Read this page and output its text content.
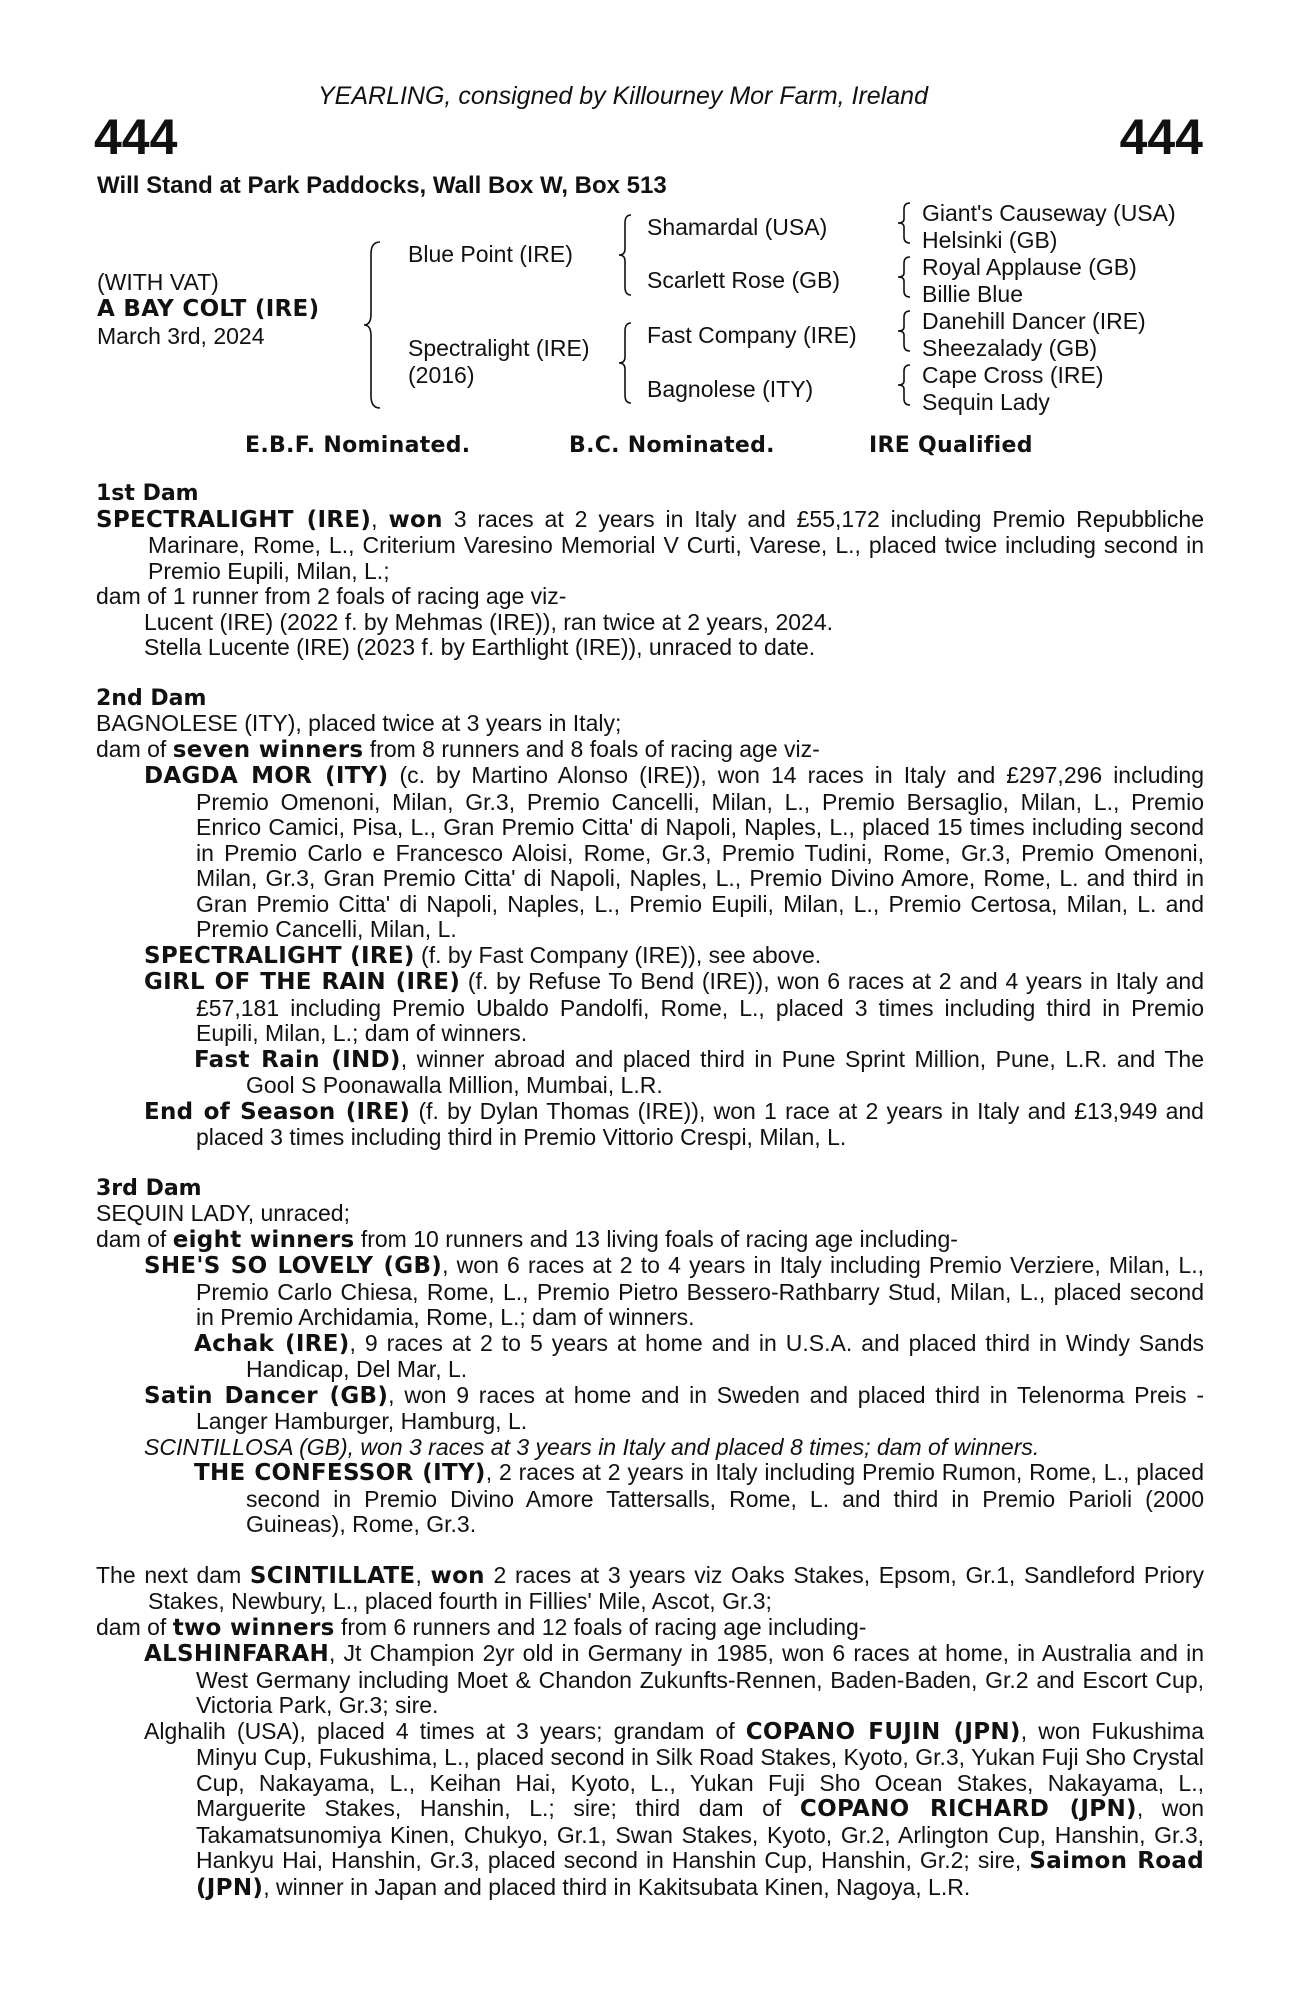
YEARLING, consigned by Killourney Mor Farm, Ireland
444	444
Will Stand at Park Paddocks, Wall Box W, Box 513
(WITH VAT)
A BAY COLT (IRE)
March 3rd, 2024
Blue Point (IRE)
Spectralight (IRE)
(2016)
Shamardal (USA)
Scarlett Rose (GB)
Fast Company (IRE)
Bagnolese (ITY)
Giant's Causeway (USA)
Helsinki (GB)
Royal Applause (GB)
Billie Blue
Danehill Dancer (IRE)
Sheezalady (GB)
Cape Cross (IRE)
Sequin Lady
E.B.F. Nominated.	B.C. Nominated.	IRE Qualified

1st Dam

SPECTRALIGHT (IRE), won 3 races at 2 years in Italy and £55,172 including Premio Repubbliche Marinare, Rome, L., Criterium Varesino Memorial V Curti, Varese, L., placed twice including second in Premio Eupili, Milan, L.;

dam of 1 runner from 2 foals of racing age viz-

Lucent (IRE) (2022 f. by Mehmas (IRE)), ran twice at 2 years, 2024.

Stella Lucente (IRE) (2023 f. by Earthlight (IRE)), unraced to date.

2nd Dam

BAGNOLESE (ITY), placed twice at 3 years in Italy;

dam of seven winners from 8 runners and 8 foals of racing age viz-

DAGDA MOR (ITY) (c. by Martino Alonso (IRE)), won 14 races in Italy and £297,296 including Premio Omenoni, Milan, Gr.3, Premio Cancelli, Milan, L., Premio Bersaglio, Milan, L., Premio Enrico Camici, Pisa, L., Gran Premio Citta' di Napoli, Naples, L., placed 15 times including second in Premio Carlo e Francesco Aloisi, Rome, Gr.3, Premio Tudini, Rome, Gr.3, Premio Omenoni, Milan, Gr.3, Gran Premio Citta' di Napoli, Naples, L., Premio Divino Amore, Rome, L. and third in Gran Premio Citta' di Napoli, Naples, L., Premio Eupili, Milan, L., Premio Certosa, Milan, L. and Premio Cancelli, Milan, L.

SPECTRALIGHT (IRE) (f. by Fast Company (IRE)), see above.

GIRL OF THE RAIN (IRE) (f. by Refuse To Bend (IRE)), won 6 races at 2 and 4 years in Italy and £57,181 including Premio Ubaldo Pandolfi, Rome, L., placed 3 times including third in Premio Eupili, Milan, L.; dam of winners.

Fast Rain (IND), winner abroad and placed third in Pune Sprint Million, Pune, L.R. and The Gool S Poonawalla Million, Mumbai, L.R.

End of Season (IRE) (f. by Dylan Thomas (IRE)), won 1 race at 2 years in Italy and £13,949 and placed 3 times including third in Premio Vittorio Crespi, Milan, L.

3rd Dam

SEQUIN LADY, unraced;

dam of eight winners from 10 runners and 13 living foals of racing age including-

SHE'S SO LOVELY (GB), won 6 races at 2 to 4 years in Italy including Premio Verziere, Milan, L., Premio Carlo Chiesa, Rome, L., Premio Pietro Bessero-Rathbarry Stud, Milan, L., placed second in Premio Archidamia, Rome, L.; dam of winners.

Achak (IRE), 9 races at 2 to 5 years at home and in U.S.A. and placed third in Windy Sands Handicap, Del Mar, L.

Satin Dancer (GB), won 9 races at home and in Sweden and placed third in Telenorma Preis - Langer Hamburger, Hamburg, L.

SCINTILLOSA (GB), won 3 races at 3 years in Italy and placed 8 times; dam of winners.

THE CONFESSOR (ITY), 2 races at 2 years in Italy including Premio Rumon, Rome, L., placed second in Premio Divino Amore Tattersalls, Rome, L. and third in Premio Parioli (2000 Guineas), Rome, Gr.3.

The next dam SCINTILLATE, won 2 races at 3 years viz Oaks Stakes, Epsom, Gr.1, Sandleford Priory Stakes, Newbury, L., placed fourth in Fillies' Mile, Ascot, Gr.3;

dam of two winners from 6 runners and 12 foals of racing age including-

ALSHINFARAH, Jt Champion 2yr old in Germany in 1985, won 6 races at home, in Australia and in West Germany including Moet & Chandon Zukunfts-Rennen, Baden-Baden, Gr.2 and Escort Cup, Victoria Park, Gr.3; sire.

Alghalih (USA), placed 4 times at 3 years; grandam of COPANO FUJIN (JPN), won Fukushima Minyu Cup, Fukushima, L., placed second in Silk Road Stakes, Kyoto, Gr.3, Yukan Fuji Sho Crystal Cup, Nakayama, L., Keihan Hai, Kyoto, L., Yukan Fuji Sho Ocean Stakes, Nakayama, L., Marguerite Stakes, Hanshin, L.; sire; third dam of COPANO RICHARD (JPN), won Takamatsunomiya Kinen, Chukyo, Gr.1, Swan Stakes, Kyoto, Gr.2, Arlington Cup, Hanshin, Gr.3, Hankyu Hai, Hanshin, Gr.3, placed second in Hanshin Cup, Hanshin, Gr.2; sire, Saimon Road (JPN), winner in Japan and placed third in Kakitsubata Kinen, Nagoya, L.R.
